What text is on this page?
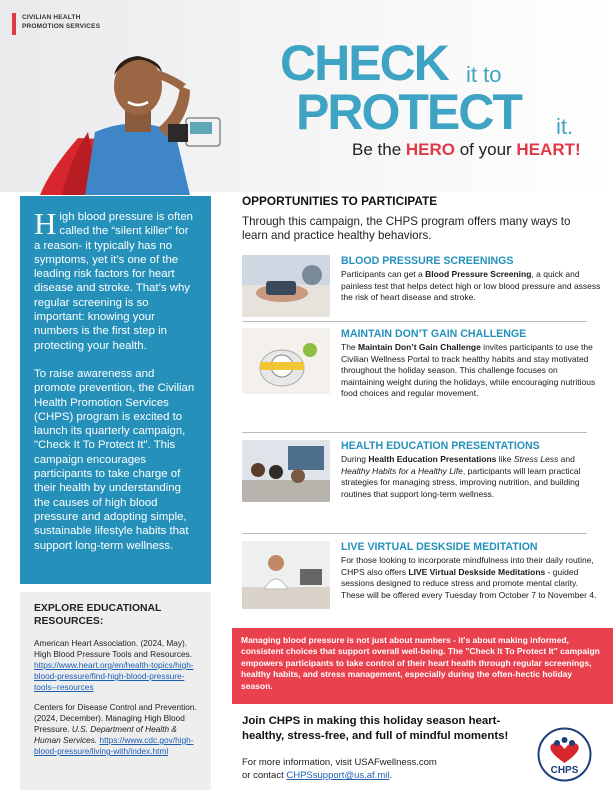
CIVILIAN HEALTH
PROMOTION SERVICES
CHECK it to
PROTECT it.
Be the HERO of your HEART!

High blood pressure is often called the “silent killer” for a reason- it typically has no symptoms, yet it’s one of the leading risk factors for heart disease and stroke. That’s why regular screening is so important: knowing your numbers is the first step in protecting your health.

To raise awareness and promote prevention, the Civilian Health Promotion Services (CHPS) program is excited to launch its quarterly campaign, "Check It To Protect It". This campaign encourages participants to take charge of their health by understanding the causes of high blood pressure and adopting simple, sustainable lifestyle habits that support long-term wellness.

EXPLORE EDUCATIONAL RESOURCES:

American Heart Association. (2024, May). High Blood Pressure Tools and Resources.
https://www.heart.org/en/health-topics/high-blood-pressure/find-high-blood-pressure-tools--resources

Centers for Disease Control and Prevention. (2024, December). Managing High Blood Pressure. U.S. Department of Health & Human Services. https://www.cdc.gov/high-blood-pressure/living-with/index.html

OPPORTUNITIES TO PARTICIPATE
Through this campaign, the CHPS program offers many ways to learn and practice healthy behaviors.
BLOOD PRESSURE SCREENINGS
Participants can get a Blood Pressure Screening, a quick and painless test that helps detect high or low blood pressure and assess the risk of heart disease and stroke.
MAINTAIN DON’T GAIN CHALLENGE
The Maintain Don’t Gain Challenge invites participants to use the Civilian Wellness Portal to track healthy habits and stay motivated throughout the holiday season. This challenge focuses on maintaining weight during the holidays, while encouraging nutritious food choices and regular movement.
HEALTH EDUCATION PRESENTATIONS
During Health Education Presentations like Stress Less and Healthy Habits for a Healthy Life, participants will learn practical strategies for managing stress, improving nutrition, and building routines that support long-term wellness.
LIVE VIRTUAL DESKSIDE MEDITATION
For those looking to incorporate mindfulness into their daily routine, CHPS also offers LIVE Virtual Deskside Meditations - guided sessions designed to reduce stress and promote mental clarity. These will be offered every Tuesday from October 7 to November 4.
Managing blood pressure is not just about numbers - it's about making informed, consistent choices that support overall well-being. The "Check It To Protect It" campaign empowers participants to take control of their heart health through regular screenings, healthy habits, and stress management, especially during the often-hectic holiday season.
Join CHPS in making this holiday season heart-healthy, stress-free, and full of mindful moments!
For more information, visit USAFwellness.com
or contact CHPSsupport@us.af.mil.	CHPS
